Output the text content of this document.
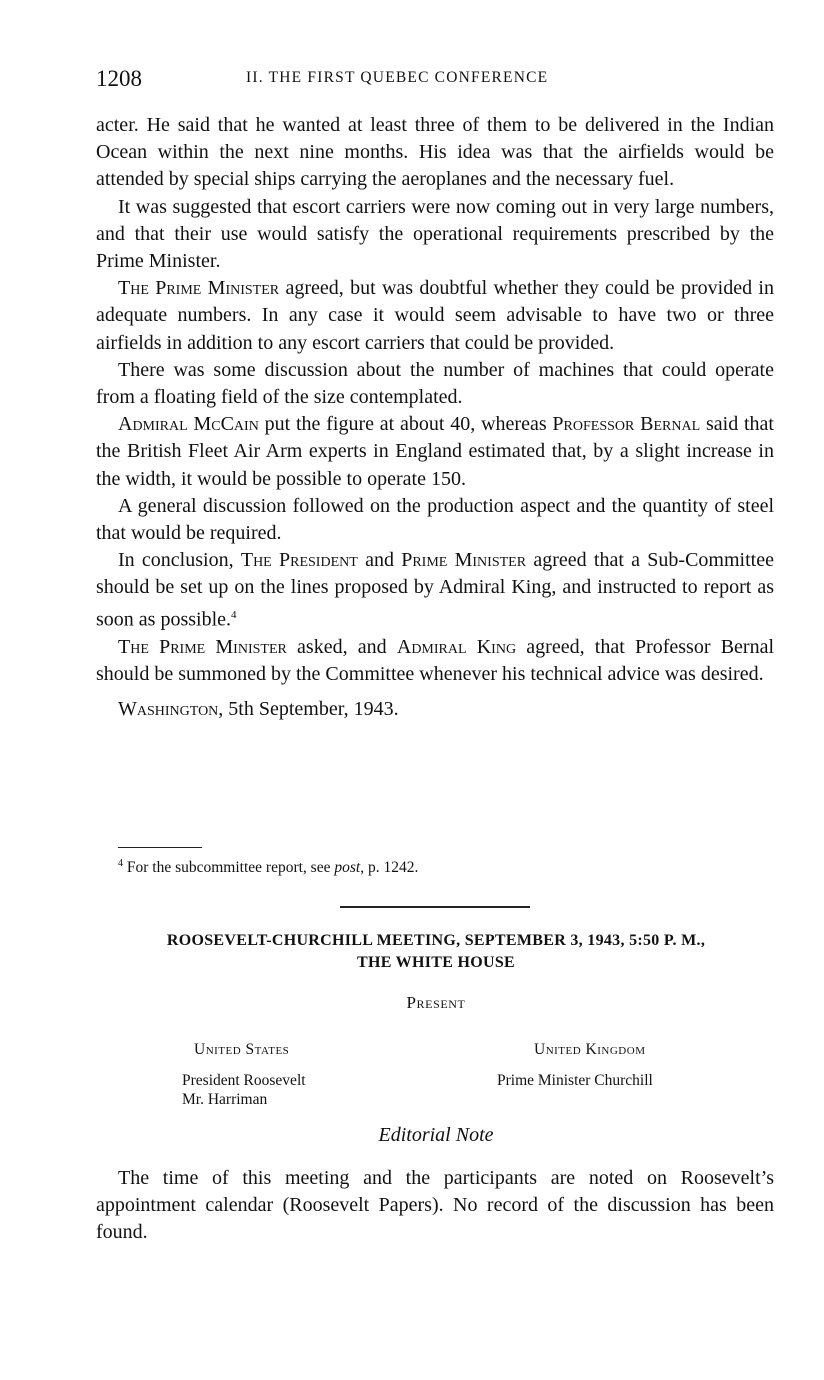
1208	II. THE FIRST QUEBEC CONFERENCE

acter. He said that he wanted at least three of them to be delivered in the Indian Ocean within the next nine months. His idea was that the airfields would be attended by special ships carrying the aeroplanes and the necessary fuel.

It was suggested that escort carriers were now coming out in very large numbers, and that their use would satisfy the operational requirements prescribed by the Prime Minister.

The Prime Minister agreed, but was doubtful whether they could be provided in adequate numbers. In any case it would seem advisable to have two or three airfields in addition to any escort carriers that could be provided.

There was some discussion about the number of machines that could operate from a floating field of the size contemplated.

Admiral McCain put the figure at about 40, whereas Professor Bernal said that the British Fleet Air Arm experts in England estimated that, by a slight increase in the width, it would be possible to operate 150.

A general discussion followed on the production aspect and the quantity of steel that would be required.

In conclusion, The President and Prime Minister agreed that a Sub-Committee should be set up on the lines proposed by Admiral King, and instructed to report as soon as possible.$^4$

The Prime Minister asked, and Admiral King agreed, that Professor Bernal should be summoned by the Committee whenever his technical advice was desired.

Washington, 5th September, 1943.

$^4$ For the subcommittee report, see post, p. 1242.
ROOSEVELT-CHURCHILL MEETING, SEPTEMBER 3, 1943, 5:50 P. M.,
THE WHITE HOUSE
Present
United States	United Kingdom
President Roosevelt
Mr. Harriman
Prime Minister Churchill
Editorial Note

The time of this meeting and the participants are noted on Roosevelt’s appointment calendar (Roosevelt Papers). No record of the discussion has been found.
